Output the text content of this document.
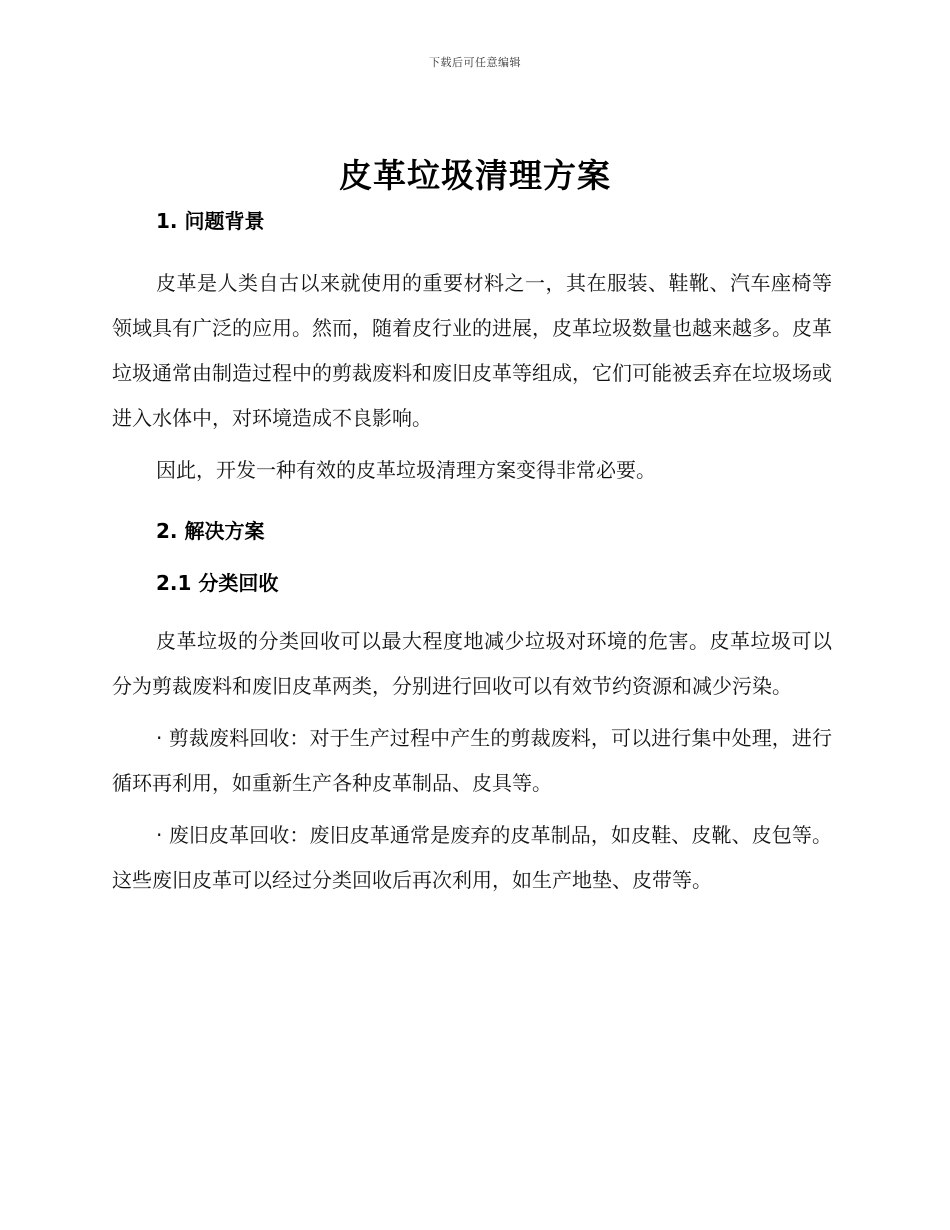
下载后可任意编辑
皮革垃圾清理方案
1. 问题背景

皮革是人类自古以来就使用的重要材料之一，其在服装、鞋靴、汽车座椅等领域具有广泛的应用。然而，随着皮行业的进展，皮革垃圾数量也越来越多。皮革垃圾通常由制造过程中的剪裁废料和废旧皮革等组成，它们可能被丢弃在垃圾场或进入水体中，对环境造成不良影响。

因此，开发一种有效的皮革垃圾清理方案变得非常必要。

2. 解决方案
2.1 分类回收

皮革垃圾的分类回收可以最大程度地减少垃圾对环境的危害。皮革垃圾可以分为剪裁废料和废旧皮革两类，分别进行回收可以有效节约资源和减少污染。

· 剪裁废料回收：对于生产过程中产生的剪裁废料，可以进行集中处理，进行循环再利用，如重新生产各种皮革制品、皮具等。

· 废旧皮革回收：废旧皮革通常是废弃的皮革制品，如皮鞋、皮靴、皮包等。这些废旧皮革可以经过分类回收后再次利用，如生产地垫、皮带等。
